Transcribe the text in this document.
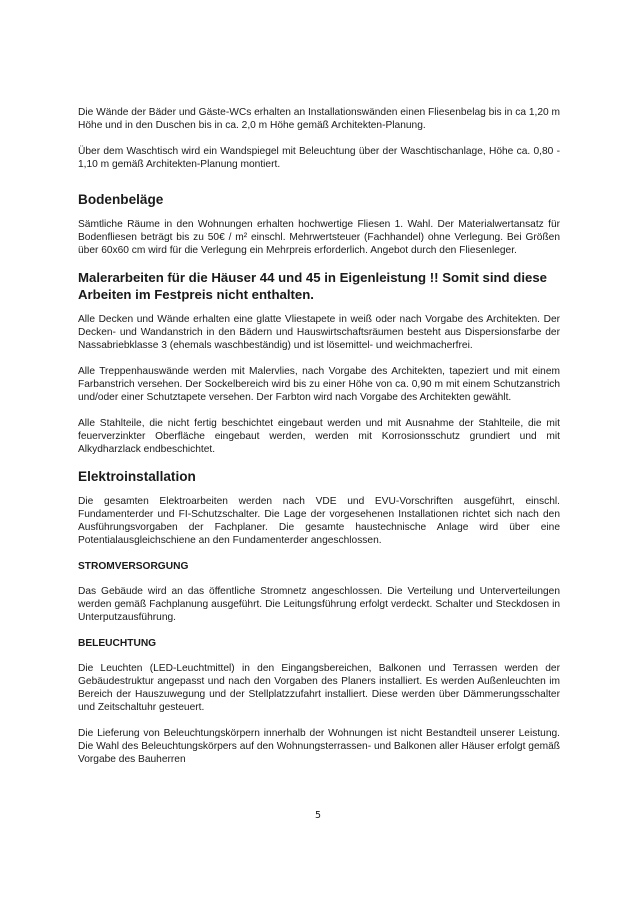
Die Wände der Bäder und Gäste-WCs erhalten an Installationswänden einen Fliesenbelag bis in ca 1,20 m Höhe und in den Duschen bis in ca. 2,0 m Höhe gemäß Architekten-Planung.

Über dem Waschtisch wird ein Wandspiegel mit Beleuchtung über der Waschtischanlage, Höhe ca. 0,80 - 1,10 m gemäß Architekten-Planung montiert.

Bodenbeläge

Sämtliche Räume in den Wohnungen erhalten hochwertige Fliesen 1. Wahl. Der Materialwertansatz für Bodenfliesen beträgt bis zu 50€ / m² einschl. Mehrwertsteuer (Fachhandel) ohne Verlegung. Bei Größen über 60x60 cm wird für die Verlegung ein Mehrpreis erforderlich. Angebot durch den Fliesenleger.

Malerarbeiten für die Häuser 44 und 45 in Eigenleistung !! Somit sind diese Arbeiten im Festpreis nicht enthalten.

Alle Decken und Wände erhalten eine glatte Vliestapete in weiß oder nach Vorgabe des Architekten. Der Decken- und Wandanstrich in den Bädern und Hauswirtschaftsräumen besteht aus Dispersionsfarbe der Nassabriebklasse 3 (ehemals waschbeständig) und ist lösemittel- und weichmacherfrei.

Alle Treppenhauswände werden mit Malervlies, nach Vorgabe des Architekten, tapeziert und mit einem Farbanstrich versehen. Der Sockelbereich wird bis zu einer Höhe von ca. 0,90 m mit einem Schutzanstrich und/oder einer Schutztapete versehen. Der Farbton wird nach Vorgabe des Architekten gewählt.

Alle Stahlteile, die nicht fertig beschichtet eingebaut werden und mit Ausnahme der Stahlteile, die mit feuerverzinkter Oberfläche eingebaut werden, werden mit Korrosionsschutz grundiert und mit Alkydharzlack endbeschichtet.

Elektroinstallation

Die gesamten Elektroarbeiten werden nach VDE und EVU-Vorschriften ausgeführt, einschl. Fundamenterder und FI-Schutzschalter. Die Lage der vorgesehenen Installationen richtet sich nach den Ausführungsvorgaben der Fachplaner. Die gesamte haustechnische Anlage wird über eine Potentialausgleichschiene an den Fundamenterder angeschlossen.

STROMVERSORGUNG

Das Gebäude wird an das öffentliche Stromnetz angeschlossen. Die Verteilung und Unterverteilungen werden gemäß Fachplanung ausgeführt. Die Leitungsführung erfolgt verdeckt. Schalter und Steckdosen in Unterputzausführung.

BELEUCHTUNG

Die Leuchten (LED-Leuchtmittel) in den Eingangsbereichen, Balkonen und Terrassen werden der Gebäudestruktur angepasst und nach den Vorgaben des Planers installiert. Es werden Außenleuchten im Bereich der Hauszuwegung und der Stellplatzzufahrt installiert. Diese werden über Dämmerungsschalter und Zeitschaltuhr gesteuert.

Die Lieferung von Beleuchtungskörpern innerhalb der Wohnungen ist nicht Bestandteil unserer Leistung. Die Wahl des Beleuchtungskörpers auf den Wohnungsterrassen- und Balkonen aller Häuser erfolgt gemäß Vorgabe des Bauherren

5
